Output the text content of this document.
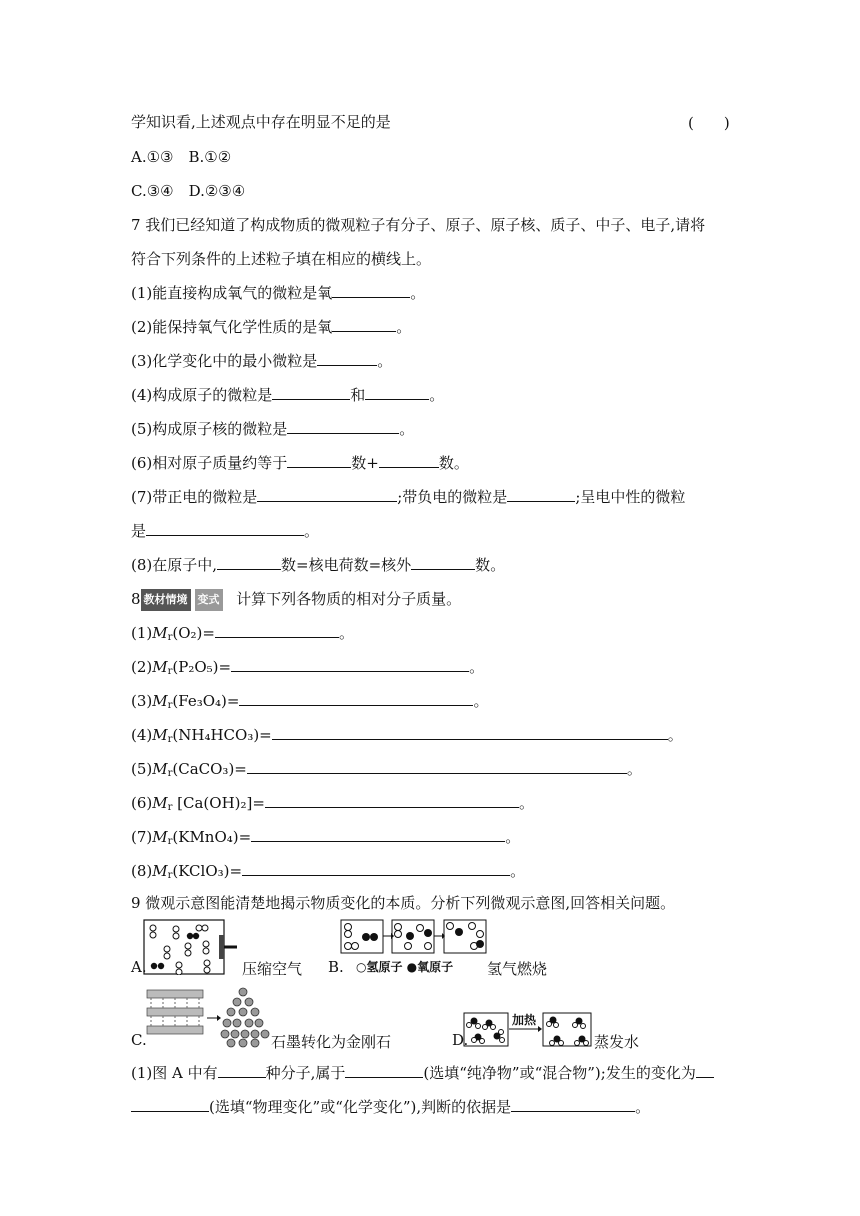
学知识看,上述观点中存在明显不足的是	(　　)
A.①③　B.①②
C.③④　D.②③④
7 我们已经知道了构成物质的微观粒子有分子、原子、原子核、质子、中子、电子,请将
符合下列条件的上述粒子填在相应的横线上。
(1)能直接构成氧气的微粒是氧	。
(2)能保持氧气化学性质的是氧	。
(3)化学变化中的最小微粒是	。
(4)构成原子的微粒是	和	。
(5)构成原子核的微粒是	。
(6)相对原子质量约等于	数+	数。
(7)带正电的微粒是	;带负电的微粒是	;呈电中性的微粒
是	。
(8)在原子中,	数=核电荷数=核外	数。
8 教材情境 变式 计算下列各物质的相对分子质量。
$(1)M_r(O_2)=$	。
$(2)M_r(P_2O_5)=$	。
$(3)M_r(Fe_3O_4)=$	。
$(4)M_r(NH_4HCO_3)=$	。
$(5)M_r(CaCO_3)=$	。
$(6)M_r$ [Ca(OH)₂]=	。
$(7)M_r(KMnO_4)=$	。
$(8)M_r(KClO_3)=$	。
9 微观示意图能清楚地揭示物质变化的本质。分析下列微观示意图,回答相关问题。
A.	压缩空气 B. ○氢原子 ●氧原子 氢气燃烧
C.	石墨转化为金刚石	D.
加热
蒸发水
(1)图 A 中有	种分子,属于	(选填“纯净物”或“混合物”);发生的变化为
(选填“物理变化”或“化学变化”),判断的依据是	。
